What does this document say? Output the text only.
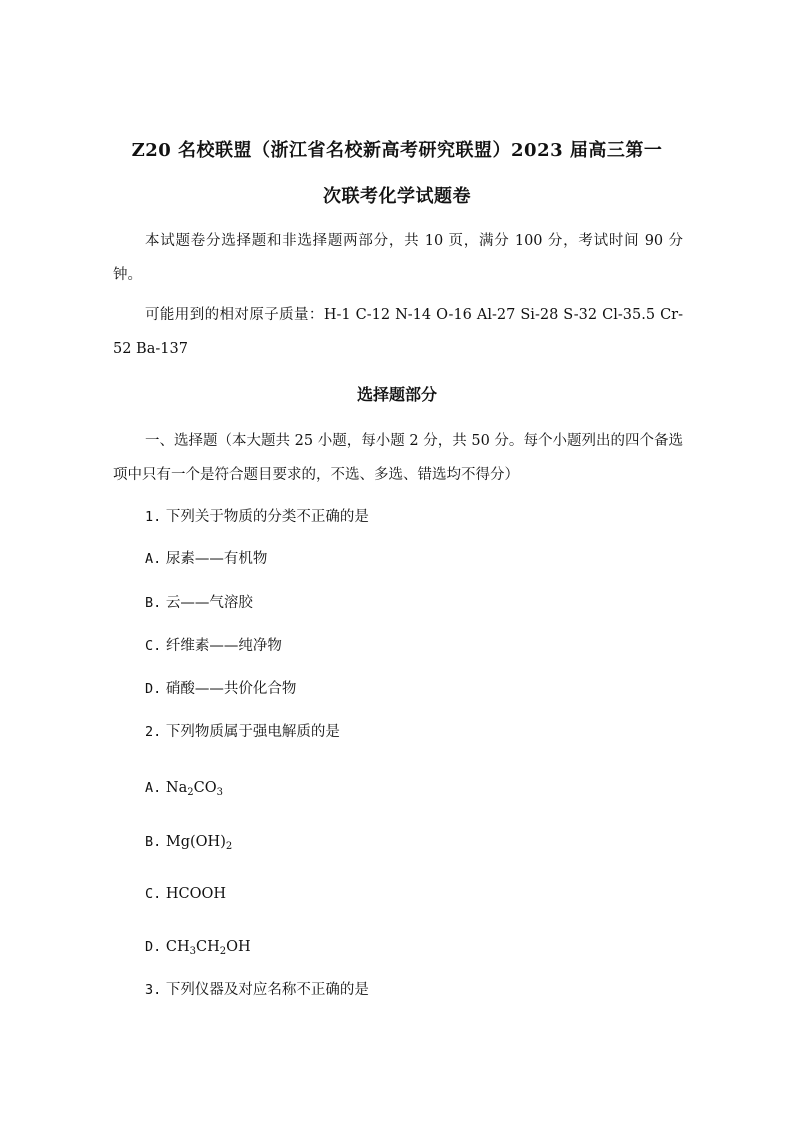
Z20 名校联盟（浙江省名校新高考研究联盟）2023 届高三第一
次联考化学试题卷
本试题卷分选择题和非选择题两部分，共 10 页，满分 100 分，考试时间 90 分钟。
可能用到的相对原子质量：H-1 C-12 N-14 O-16 Al-27 Si-28 S-32 Cl-35.5 Cr-52 Ba-137
选择题部分
一、选择题（本大题共 25 小题，每小题 2 分，共 50 分。每个小题列出的四个备选项中只有一个是符合题目要求的，不选、多选、错选均不得分）
1. 下列关于物质的分类不正确的是
A. 尿素——有机物
B. 云——气溶胶
C. 纤维素——纯净物
D. 硝酸——共价化合物
2. 下列物质属于强电解质的是
A. $Na_2CO_3$
B. $Mg(OH)_2$
C. HCOOH
D. $CH_3CH_2OH$
3. 下列仪器及对应名称不正确的是
